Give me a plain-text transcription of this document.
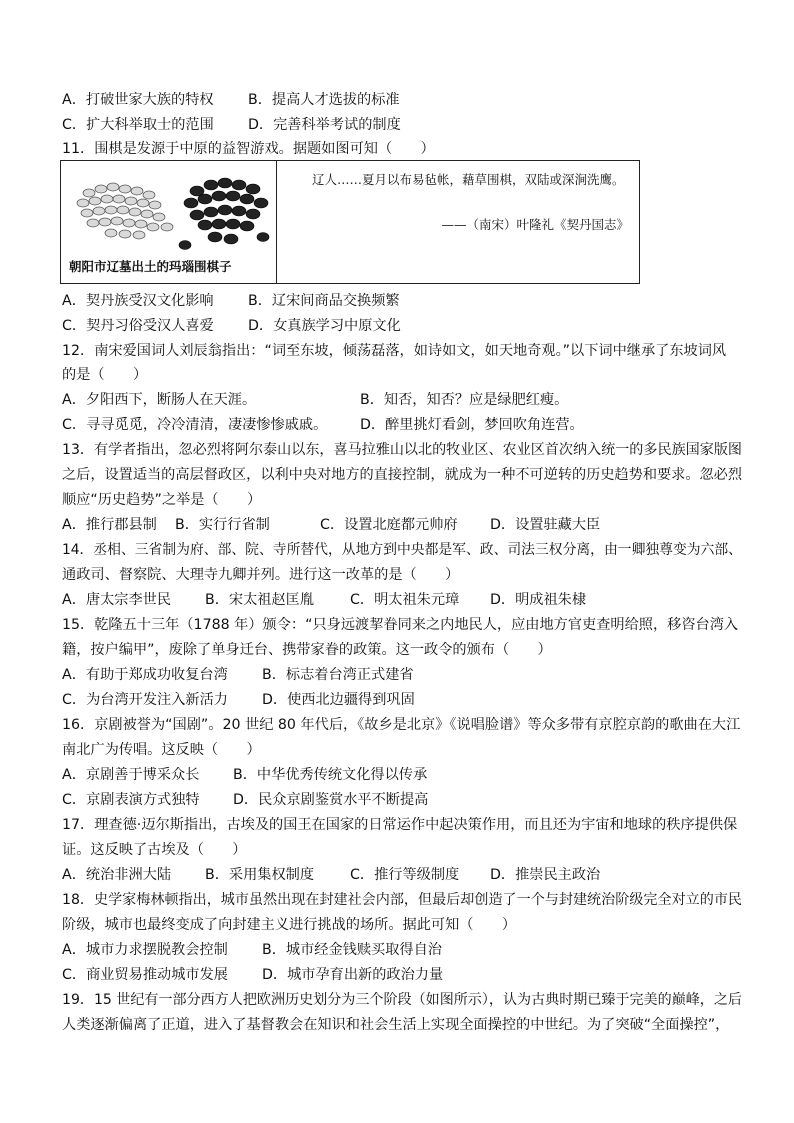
A．打破世家大族的特权 B．提高人才选拔的标准
C．扩大科举取士的范围 D．完善科举考试的制度
11．围棋是发源于中原的益智游戏。据题如图可知（　　）
朝阳市辽墓出土的玛瑙围棋子
辽人……夏月以布易毡帐，藉草围棋，双陆或深涧洗鹰。
——（南宋）叶隆礼《契丹国志》
A．契丹族受汉文化影响 B．辽宋间商品交换频繁
C．契丹习俗受汉人喜爱 D．女真族学习中原文化
12．南宋爱国词人刘辰翁指出：“词至东坡，倾荡磊落，如诗如文，如天地奇观。”以下词中继承了东坡词风
的是（　　）
A．夕阳西下，断肠人在天涯。	B．知否，知否？应是绿肥红瘦。
C．寻寻觅觅，冷冷清清，凄凄惨惨戚戚。 D．醉里挑灯看剑，梦回吹角连营。
13．有学者指出，忽必烈将阿尔泰山以东，喜马拉雅山以北的牧业区、农业区首次纳入统一的多民族国家版图
之后，设置适当的高层督政区，以利中央对地方的直接控制，就成为一种不可逆转的历史趋势和要求。忽必烈
顺应“历史趋势”之举是（　　）
A．推行郡县制 B．实行行省制	C．设置北庭都元帅府 D．设置驻藏大臣
14．丞相、三省制为府、部、院、寺所替代，从地方到中央都是军、政、司法三权分离，由一卿独尊变为六部、
通政司、督察院、大理寺九卿并列。进行这一改革的是（　　）
A．唐太宗李世民 B．宋太祖赵匡胤	C．明太祖朱元璋 D．明成祖朱棣
15．乾隆五十三年（1788 年）颁令：“只身远渡挈眷同来之内地民人，应由地方官吏查明给照，移咨台湾入
籍，按户编甲”，废除了单身迁台、携带家眷的政策。这一政令的颁布（　　）
A．有助于郑成功收复台湾 B．标志着台湾正式建省
C．为台湾开发注入新活力 D．使西北边疆得到巩固
16．京剧被誉为“国剧”。20 世纪 80 年代后，《故乡是北京》《说唱脸谱》等众多带有京腔京韵的歌曲在大江
南北广为传唱。这反映（　　）
A．京剧善于博采众长 B．中华优秀传统文化得以传承
C．京剧表演方式独特 D．民众京剧鉴赏水平不断提高
17．理查德·迈尔斯指出，古埃及的国王在国家的日常运作中起决策作用，而且还为宇宙和地球的秩序提供保
证。这反映了古埃及（　　）
A．统治非洲大陆 B．采用集权制度	C．推行等级制度 D．推崇民主政治
18．史学家梅林顿指出，城市虽然出现在封建社会内部，但最后却创造了一个与封建统治阶级完全对立的市民
阶级，城市也最终变成了向封建主义进行挑战的场所。据此可知（　　）
A．城市力求摆脱教会控制 B．城市经金钱赎买取得自治
C．商业贸易推动城市发展 D．城市孕育出新的政治力量
19．15 世纪有一部分西方人把欧洲历史划分为三个阶段（如图所示），认为古典时期已臻于完美的巅峰，之后
人类逐渐偏离了正道，进入了基督教会在知识和社会生活上实现全面操控的中世纪。为了突破“全面操控”，
